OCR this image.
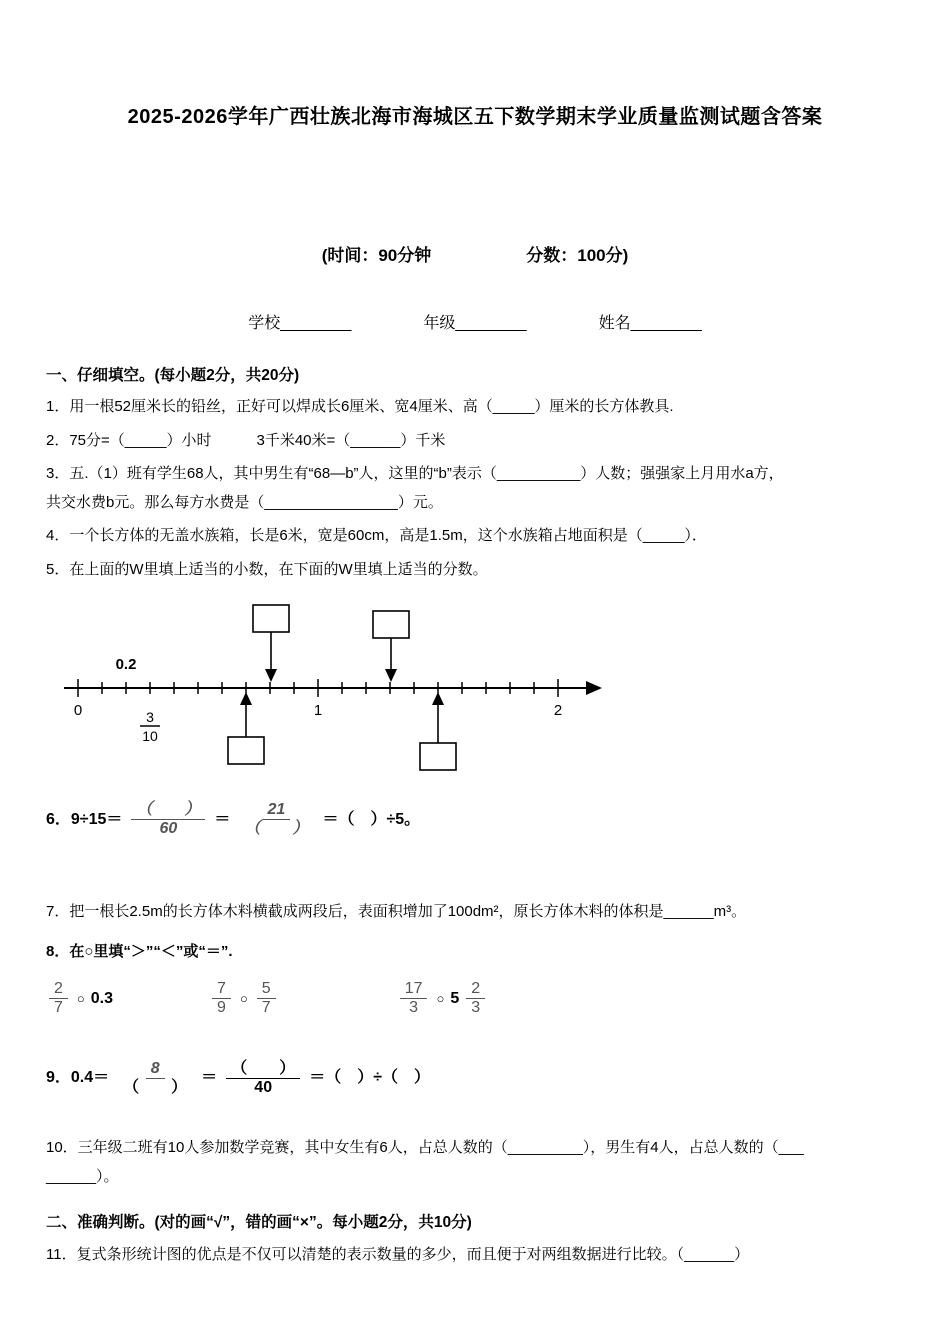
2025-2026学年广西壮族北海市海城区五下数学期末学业质量监测试题含答案
(时间：90分钟	分数：100分)
学校________	年级________	姓名________
一、仔细填空。(每小题2分，共20分)
1．用一根52厘米长的铅丝，正好可以焊成长6厘米、宽4厘米、高（_____）厘米的长方体教具.
2．75分=（_____）小时　　　3千米40米=（______）千米
3．五.（1）班有学生68人，其中男生有“68—b”人，这里的“b”表示（__________）人数；强强家上月用水a方，
共交水费b元。那么每方水费是（________________）元。
4．一个长方体的无盖水族箱，长是6米，宽是60cm，高是1.5m，这个水族箱占地面积是（_____）．
5．在上面的W里填上适当的小数，在下面的W里填上适当的分数。
0.2
0	1	2
3
10
6．$9\div 15= \frac{( )}{60} = \frac{21}{( )}$ ＝（　）÷5。
7．把一根长2.5m的长方体木料横截成两段后，表面积增加了100dm²，原长方体木料的体积是______m³。
8．在○里填“＞”“＜”或“＝”.
$\frac{2}{7}$ ○ 0.3	$\frac{7}{9}$ ○ $\frac{5}{7}$	$\frac{17}{3}$ ○ $5 \frac{2}{3}$
9．$0.4= \frac{8}{( )} = \frac{( )}{40}$ ＝（　）÷（　）
10．三年级二班有10人参加数学竞赛，其中女生有6人，占总人数的（_________），男生有4人，占总人数的（___
______）。
二、准确判断。(对的画“√”，错的画“×”。每小题2分，共10分)
11．复式条形统计图的优点是不仅可以清楚的表示数量的多少，而且便于对两组数据进行比较。（______）
